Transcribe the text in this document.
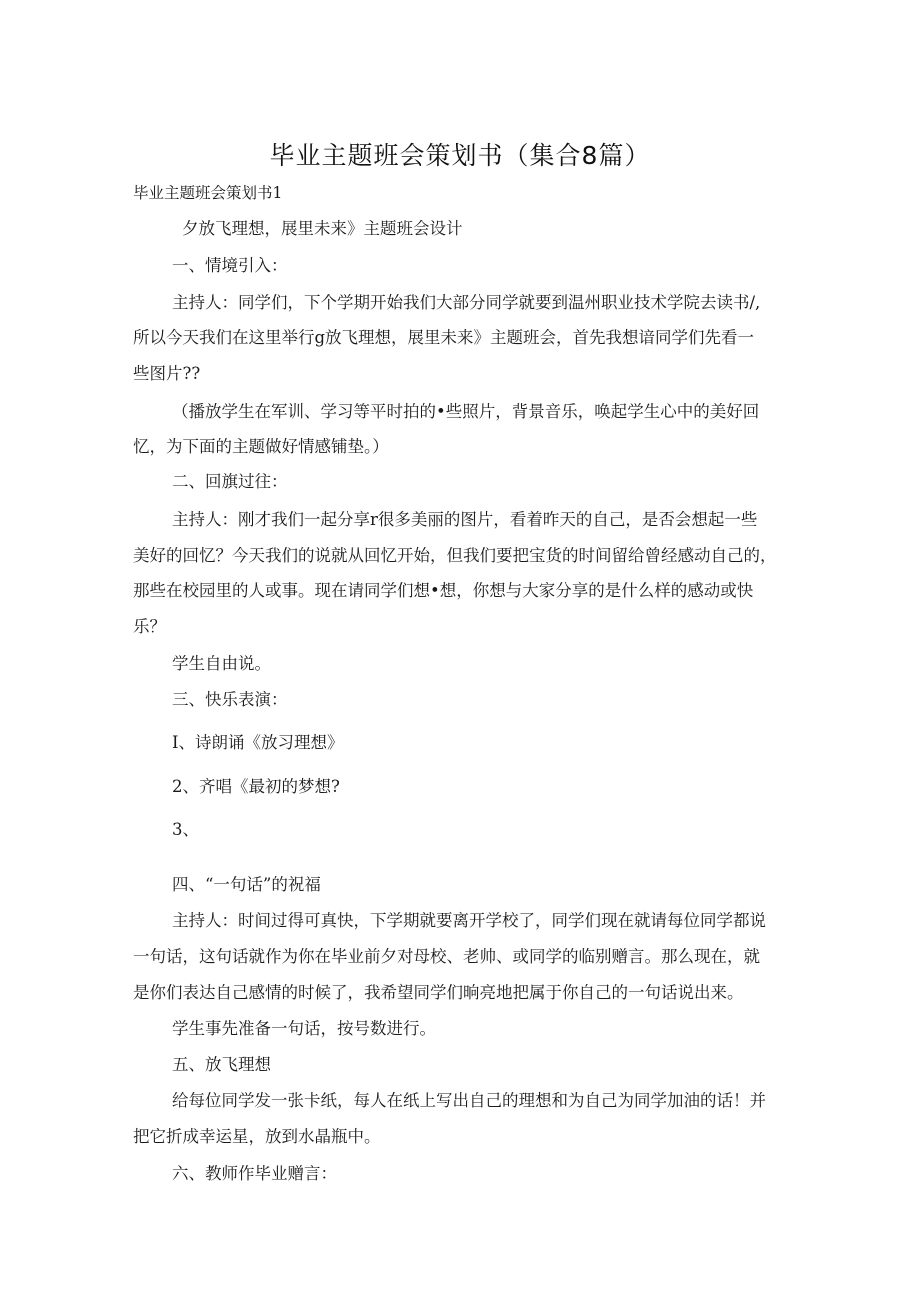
毕业主题班会策划书（集合8篇）

毕业主题班会策划书1

夕放飞理想，展里未来》主题班会设计

一、情境引入：

主持人：同学们，下个学期开始我们大部分同学就要到温州职业技术学院去读书/,

所以今天我们在这里举行g放飞理想，展里未来》主题班会，首先我想谙同学们先看一

些图片??

（播放学生在军训、学习等平时拍的•些照片，背景音乐，唤起学生心中的美好回

忆，为下面的主题做好情感铺垫。）

二、回旗过往：

主持人：刚才我们一起分享r很多美丽的图片，看着昨天的自己，是否会想起一些

美好的回忆？今天我们的说就从回忆开始，但我们要把宝货的时间留给曾经感动自己的，

那些在校园里的人或事。现在请同学们想•想，你想与大家分享的是什么样的感动或快

乐？

学生自由说。

三、快乐表演：

I、诗朗诵《放习理想》

2、齐唱《最初的梦想?

3、

四、“一句话”的祝福

主持人：时间过得可真快，下学期就要离开学校了，同学们现在就请每位同学都说

一句话，这句话就作为你在毕业前夕对母校、老帅、或同学的临别赠言。那么现在，就

是你们表达自己感情的时候了，我希望同学们晌亮地把属于你自己的一句话说出来。

学生事先准备一句话，按号数进行。

五、放飞理想

给每位同学发一张卡纸，每人在纸上写出自己的理想和为自己为同学加油的话！并

把它折成幸运星，放到水晶瓶中。

六、教师作毕业赠言：
